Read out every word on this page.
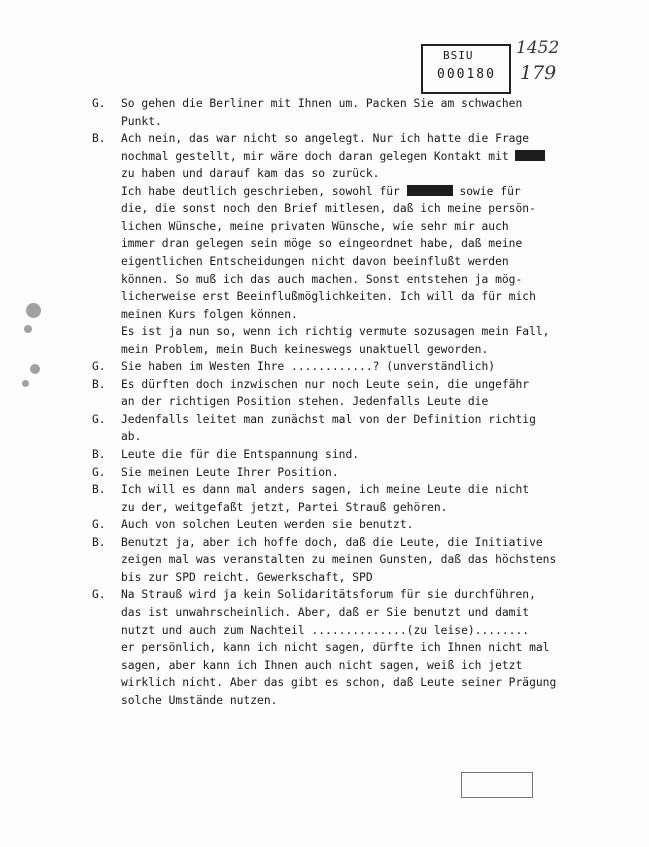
BSIU
000180
1452
179
G. So gehen die Berliner mit Ihnen um. Packen Sie am schwachen
Punkt.
B. Ach nein, das war nicht so angelegt. Nur ich hatte die Frage
nochmal gestellt, mir wäre doch daran gelegen Kontakt mit
zu haben und darauf kam das so zurück.
Ich habe deutlich geschrieben, sowohl für	sowie für
die, die sonst noch den Brief mitlesen, daß ich meine persön-
lichen Wünsche, meine privaten Wünsche, wie sehr mir auch
immer dran gelegen sein möge so eingeordnet habe, daß meine
eigentlichen Entscheidungen nicht davon beeinflußt werden
können. So muß ich das auch machen. Sonst entstehen ja mög-
licherweise erst Beeinflußmöglichkeiten. Ich will da für mich
meinen Kurs folgen können.
Es ist ja nun so, wenn ich richtig vermute sozusagen mein Fall,
mein Problem, mein Buch keineswegs unaktuell geworden.
G. Sie haben im Westen Ihre ............? (unverständlich)
B. Es dürften doch inzwischen nur noch Leute sein, die ungefähr
an der richtigen Position stehen. Jedenfalls Leute die
G. Jedenfalls leitet man zunächst mal von der Definition richtig
ab.
B. Leute die für die Entspannung sind.
G. Sie meinen Leute Ihrer Position.
B. Ich will es dann mal anders sagen, ich meine Leute die nicht
zu der, weitgefaßt jetzt, Partei Strauß gehören.
G. Auch von solchen Leuten werden sie benutzt.
B. Benutzt ja, aber ich hoffe doch, daß die Leute, die Initiative
zeigen mal was veranstalten zu meinen Gunsten, daß das höchstens
bis zur SPD reicht. Gewerkschaft, SPD
G. Na Strauß wird ja kein Solidaritätsforum für sie durchführen,
das ist unwahrscheinlich. Aber, daß er Sie benutzt und damit
nutzt und auch zum Nachteil ..............(zu leise)........
er persönlich, kann ich nicht sagen, dürfte ich Ihnen nicht mal
sagen, aber kann ich Ihnen auch nicht sagen, weiß ich jetzt
wirklich nicht. Aber das gibt es schon, daß Leute seiner Prägung
solche Umstände nutzen.
